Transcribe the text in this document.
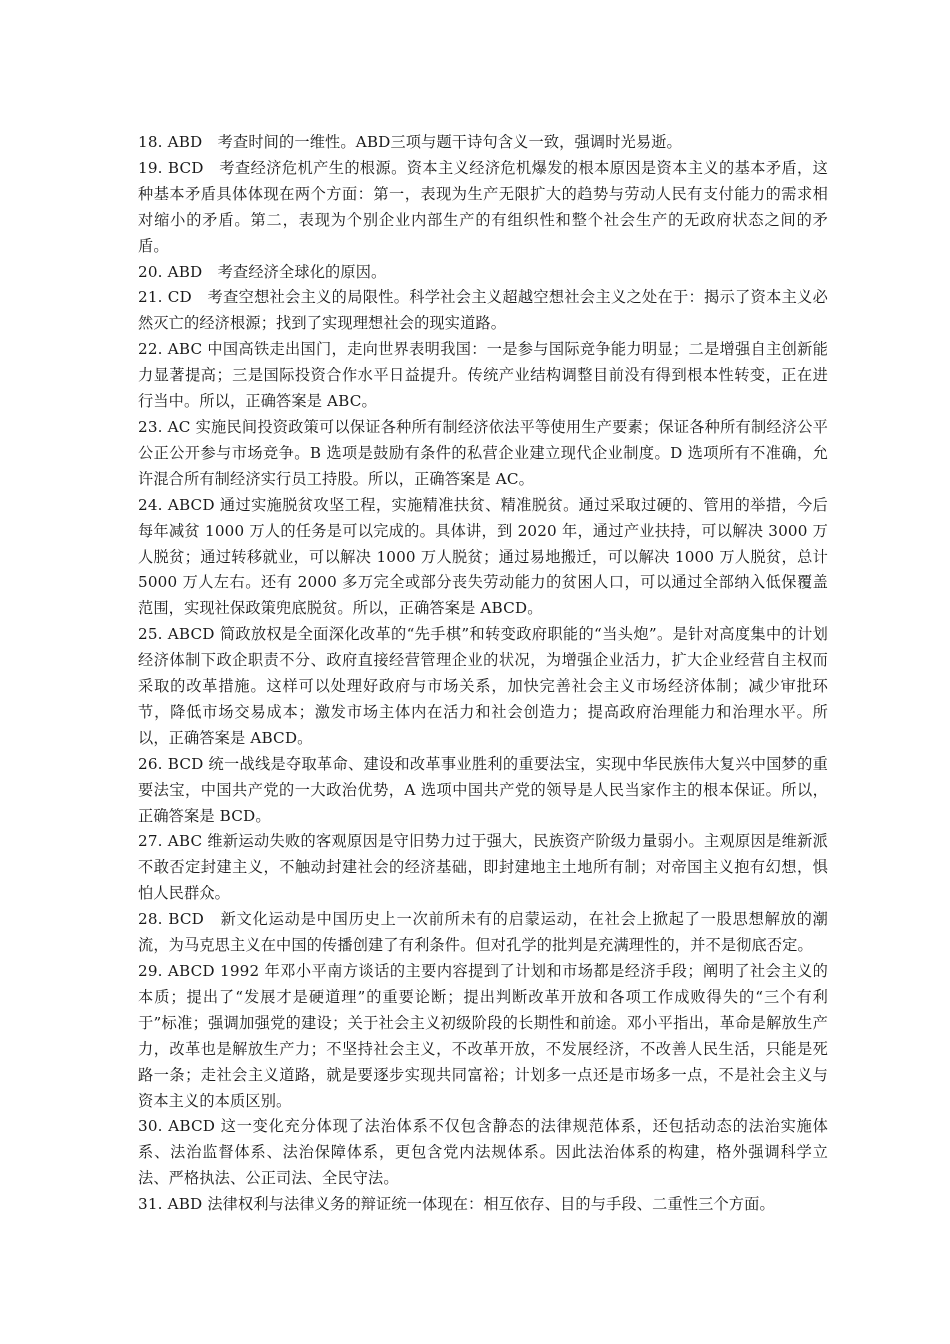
18. ABD　考查时间的一维性。ABD三项与题干诗句含义一致，强调时光易逝。

19. BCD　考查经济危机产生的根源。资本主义经济危机爆发的根本原因是资本主义的基本矛盾，这种基本矛盾具体体现在两个方面：第一，表现为生产无限扩大的趋势与劳动人民有支付能力的需求相对缩小的矛盾。第二，表现为个别企业内部生产的有组织性和整个社会生产的无政府状态之间的矛盾。

20. ABD　考查经济全球化的原因。

21. CD　考查空想社会主义的局限性。科学社会主义超越空想社会主义之处在于：揭示了资本主义必然灭亡的经济根源；找到了实现理想社会的现实道路。

22. ABC 中国高铁走出国门，走向世界表明我国：一是参与国际竞争能力明显；二是增强自主创新能力显著提高；三是国际投资合作水平日益提升。传统产业结构调整目前没有得到根本性转变，正在进行当中。所以，正确答案是 ABC。

23. AC 实施民间投资政策可以保证各种所有制经济依法平等使用生产要素；保证各种所有制经济公平公正公开参与市场竞争。B 选项是鼓励有条件的私营企业建立现代企业制度。D 选项所有不准确，允许混合所有制经济实行员工持股。所以，正确答案是 AC。

24. ABCD 通过实施脱贫攻坚工程，实施精准扶贫、精准脱贫。通过采取过硬的、管用的举措，今后每年减贫 1000 万人的任务是可以完成的。具体讲，到 2020 年，通过产业扶持，可以解决 3000 万人脱贫；通过转移就业，可以解决 1000 万人脱贫；通过易地搬迁，可以解决 1000 万人脱贫，总计 5000 万人左右。还有 2000 多万完全或部分丧失劳动能力的贫困人口，可以通过全部纳入低保覆盖范围，实现社保政策兜底脱贫。所以，正确答案是 ABCD。

25. ABCD 简政放权是全面深化改革的“先手棋”和转变政府职能的“当头炮”。是针对高度集中的计划经济体制下政企职责不分、政府直接经营管理企业的状况，为增强企业活力，扩大企业经营自主权而采取的改革措施。这样可以处理好政府与市场关系，加快完善社会主义市场经济体制；减少审批环节，降低市场交易成本；激发市场主体内在活力和社会创造力；提高政府治理能力和治理水平。所以，正确答案是 ABCD。

26. BCD 统一战线是夺取革命、建设和改革事业胜利的重要法宝，实现中华民族伟大复兴中国梦的重要法宝，中国共产党的一大政治优势，A 选项中国共产党的领导是人民当家作主的根本保证。所以，正确答案是 BCD。

27. ABC 维新运动失败的客观原因是守旧势力过于强大，民族资产阶级力量弱小。主观原因是维新派不敢否定封建主义，不触动封建社会的经济基础，即封建地主土地所有制；对帝国主义抱有幻想，惧怕人民群众。

28. BCD　新文化运动是中国历史上一次前所未有的启蒙运动，在社会上掀起了一股思想解放的潮流，为马克思主义在中国的传播创建了有利条件。但对孔学的批判是充满理性的，并不是彻底否定。

29. ABCD 1992 年邓小平南方谈话的主要内容提到了计划和市场都是经济手段；阐明了社会主义的本质；提出了“发展才是硬道理”的重要论断；提出判断改革开放和各项工作成败得失的“三个有利于”标准；强调加强党的建设；关于社会主义初级阶段的长期性和前途。邓小平指出，革命是解放生产力，改革也是解放生产力；不坚持社会主义，不改革开放，不发展经济，不改善人民生活，只能是死路一条；走社会主义道路，就是要逐步实现共同富裕；计划多一点还是市场多一点，不是社会主义与资本主义的本质区别。

30. ABCD 这一变化充分体现了法治体系不仅包含静态的法律规范体系，还包括动态的法治实施体系、法治监督体系、法治保障体系，更包含党内法规体系。因此法治体系的构建，格外强调科学立法、严格执法、公正司法、全民守法。

31. ABD 法律权利与法律义务的辩证统一体现在：相互依存、目的与手段、二重性三个方面。
